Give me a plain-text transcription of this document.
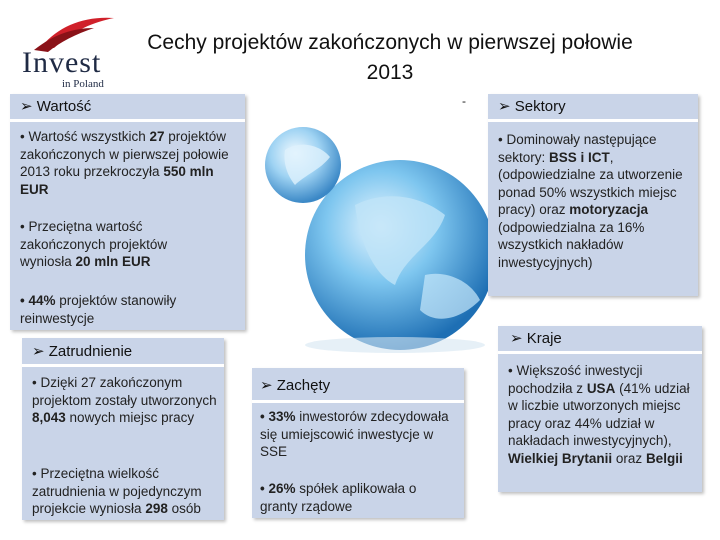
Invest
in Poland
Cechy projektów zakończonych w pierwszej połowie
2013
-
➢ Wartość
• Wartość wszystkich 27 projektów zakończonych w pierwszej połowie 2013 roku przekroczyła 550 mln EUR
• Przeciętna wartość zakończonych projektów wyniosła 20 mln EUR
• 44% projektów stanowiły reinwestycje
➢ Sektory
• Dominowały następujące sektory: BSS i ICT, (odpowiedzialne za utworzenie ponad 50% wszystkich miejsc pracy) oraz motoryzacja (odpowiedzialna za 16% wszystkich nakładów inwestycyjnych)
➢ Kraje
• Większość inwestycji pochodziła z USA (41% udział w liczbie utworzonych miejsc pracy oraz 44% udział w nakładach inwestycyjnych), Wielkiej Brytanii oraz Belgii
➢ Zatrudnienie
• Dzięki 27 zakończonym projektom zostały utworzonych 8,043 nowych miejsc pracy
• Przeciętna wielkość zatrudnienia w pojedynczym projekcie wyniosła 298 osób
➢ Zachęty
• 33% inwestorów zdecydowała się umiejscowić inwestycje w SSE
• 26% spółek aplikowała o granty rządowe
